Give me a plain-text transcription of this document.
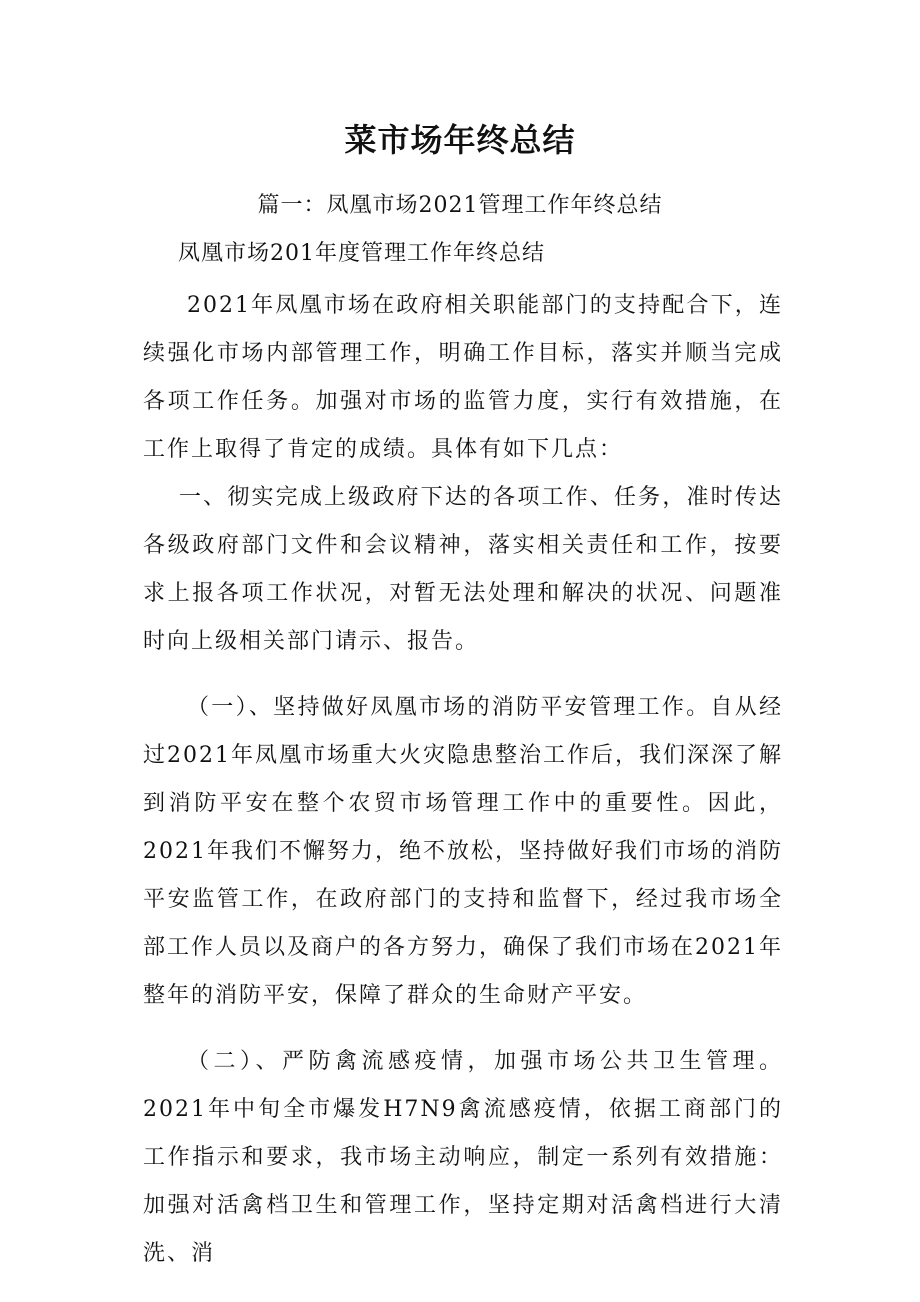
菜市场年终总结

篇一：凤凰市场2021管理工作年终总结

凤凰市场201年度管理工作年终总结

2021年凤凰市场在政府相关职能部门的支持配合下，连续强化市场内部管理工作，明确工作目标，落实并顺当完成各项工作任务。加强对市场的监管力度，实行有效措施，在工作上取得了肯定的成绩。具体有如下几点：

一、彻实完成上级政府下达的各项工作、任务，准时传达各级政府部门文件和会议精神，落实相关责任和工作，按要求上报各项工作状况，对暂无法处理和解决的状况、问题准时向上级相关部门请示、报告。

（一）、坚持做好凤凰市场的消防平安管理工作。自从经过2021年凤凰市场重大火灾隐患整治工作后，我们深深了解到消防平安在整个农贸市场管理工作中的重要性。因此，2021年我们不懈努力，绝不放松，坚持做好我们市场的消防平安监管工作，在政府部门的支持和监督下，经过我市场全部工作人员以及商户的各方努力，确保了我们市场在2021年整年的消防平安，保障了群众的生命财产平安。

（二）、严防禽流感疫情，加强市场公共卫生管理。2021年中旬全市爆发H7N9禽流感疫情，依据工商部门的工作指示和要求，我市场主动响应，制定一系列有效措施：加强对活禽档卫生和管理工作，坚持定期对活禽档进行大清洗、消
